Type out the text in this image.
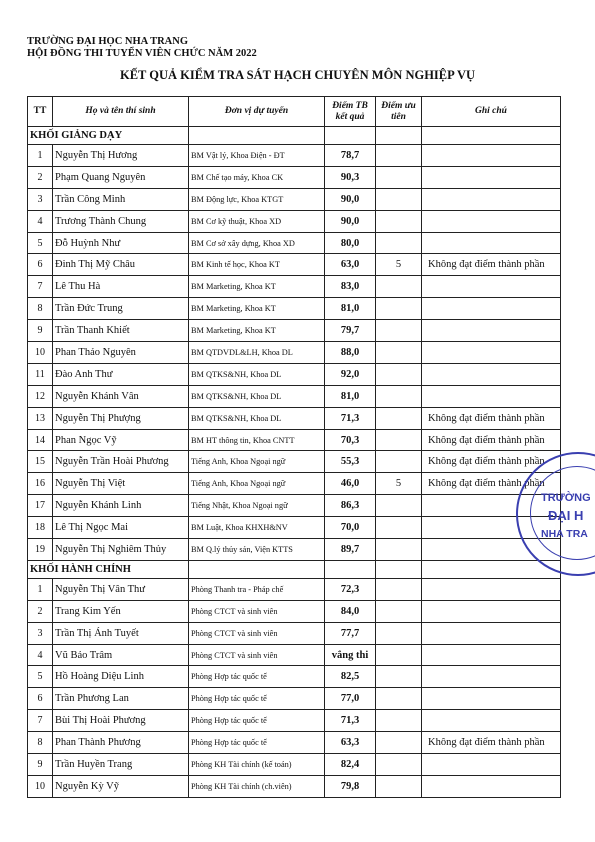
TRƯỜNG ĐẠI HỌC NHA TRANG
HỘI ĐỒNG THI TUYỂN VIÊN CHỨC NĂM 2022
KẾT QUẢ KIỂM TRA SÁT HẠCH CHUYÊN MÔN NGHIỆP VỤ
TT	Họ và tên thí sinh	Đơn vị dự tuyển	Điểm TB kết quả	Điểm ưu tiên	Ghi chú
KHỐI GIẢNG DẠY					
1	Nguyễn Thị Hương	BM Vật lý, Khoa Điện - ĐT	78,7		
2	Phạm Quang Nguyên	BM Chế tạo máy, Khoa CK	90,3		
3	Trần Công Minh	BM Động lực, Khoa KTGT	90,0		
4	Trương Thành Chung	BM Cơ kỹ thuật, Khoa XD	90,0		
5	Đỗ Huỳnh Như	BM Cơ sở xây dựng, Khoa XD	80,0		
6	Đinh Thị Mỹ Châu	BM Kinh tế học, Khoa KT	63,0	5	Không đạt điểm thành phần
7	Lê Thu Hà	BM Marketing, Khoa KT	83,0		
8	Trần Đức Trung	BM Marketing, Khoa KT	81,0		
9	Trần Thanh Khiết	BM Marketing, Khoa KT	79,7		
10	Phan Thảo Nguyên	BM QTDVDL&LH, Khoa DL	88,0		
11	Đào Anh Thư	BM QTKS&NH, Khoa DL	92,0		
12	Nguyễn Khánh Vân	BM QTKS&NH, Khoa DL	81,0		
13	Nguyễn Thị Phượng	BM QTKS&NH, Khoa DL	71,3		Không đạt điểm thành phần
14	Phan Ngọc Vỹ	BM HT thông tin, Khoa CNTT	70,3		Không đạt điểm thành phần
15	Nguyễn Trần Hoài Phương	Tiếng Anh, Khoa Ngoại ngữ	55,3		Không đạt điểm thành phần
16	Nguyễn Thị Việt	Tiếng Anh, Khoa Ngoại ngữ	46,0	5	Không đạt điểm thành phần
17	Nguyễn Khánh Linh	Tiếng Nhật, Khoa Ngoại ngữ	86,3		
18	Lê Thị Ngọc Mai	BM Luật, Khoa KHXH&NV	70,0		
19	Nguyễn Thị Nghiêm Thủy	BM Q.lý thủy sản, Viện KTTS	89,7		
KHỐI HÀNH CHÍNH					
1	Nguyễn Thị Vân Thư	Phòng Thanh tra - Pháp chế	72,3		
2	Trang Kim Yến	Phòng CTCT và sinh viên	84,0		
3	Trần Thị Ánh Tuyết	Phòng CTCT và sinh viên	77,7		
4	Vũ Bảo Trâm	Phòng CTCT và sinh viên	vắng thi		
5	Hồ Hoàng Diệu Linh	Phòng Hợp tác quốc tế	82,5		
6	Trần Phương Lan	Phòng Hợp tác quốc tế	77,0		
7	Bùi Thị Hoài Phương	Phòng Hợp tác quốc tế	71,3		
8	Phan Thành Phương	Phòng Hợp tác quốc tế	63,3		Không đạt điểm thành phần
9	Trần Huyền Trang	Phòng KH Tài chính (kế toán)	82,4		
10	Nguyễn Kỳ Vỹ	Phòng KH Tài chính (ch.viên)	79,8		
TRƯỜNG
ĐẠI H
NHA TRA
